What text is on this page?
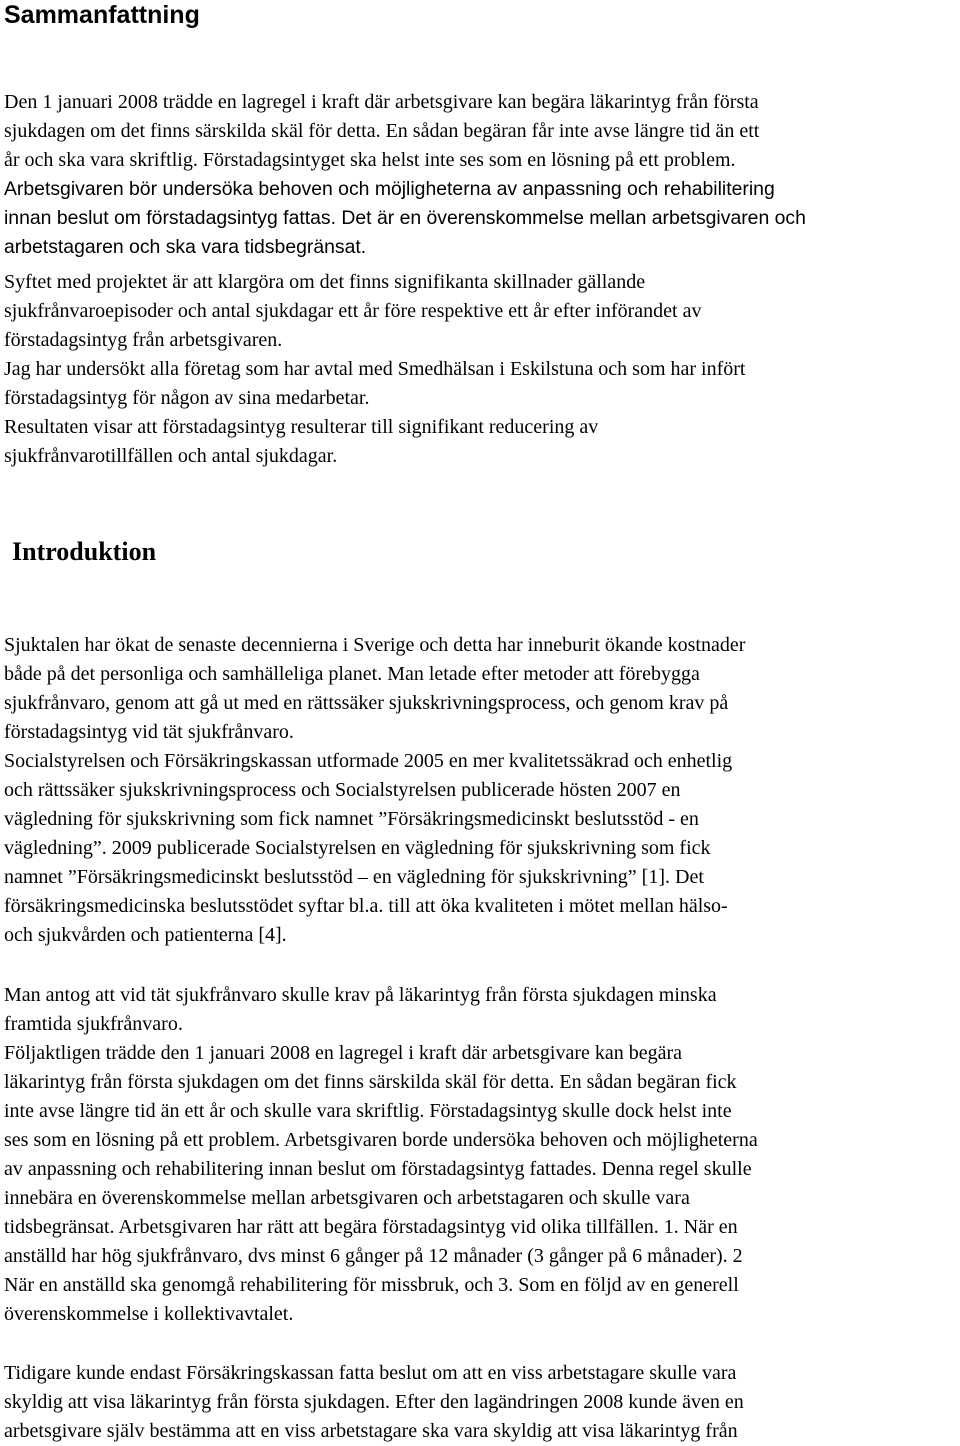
Sammanfattning

Den 1 januari 2008 trädde en lagregel i kraft där arbetsgivare kan begära läkarintyg från första
sjukdagen om det finns särskilda skäl för detta. En sådan begäran får inte avse längre tid än ett
år och ska vara skriftlig. Förstadagsintyget ska helst inte ses som en lösning på ett problem.
Arbetsgivaren bör undersöka behoven och möjligheterna av anpassning och rehabilitering
innan beslut om förstadagsintyg fattas. Det är en överenskommelse mellan arbetsgivaren och
arbetstagaren och ska vara tidsbegränsat.

Syftet med projektet är att klargöra om det finns signifikanta skillnader gällande
sjukfrånvaroepisoder och antal sjukdagar ett år före respektive ett år efter införandet av
förstadagsintyg från arbetsgivaren.

Jag har undersökt alla företag som har avtal med Smedhälsan i Eskilstuna och som har infört
förstadagsintyg för någon av sina medarbetar.

Resultaten visar att förstadagsintyg resulterar till signifikant reducering av
sjukfrånvarotillfällen och antal sjukdagar.

Introduktion

Sjuktalen har ökat de senaste decennierna i Sverige och detta har inneburit ökande kostnader
både på det personliga och samhälleliga planet. Man letade efter metoder att förebygga
sjukfrånvaro, genom att gå ut med en rättssäker sjukskrivningsprocess, och genom krav på
förstadagsintyg vid tät sjukfrånvaro.

Socialstyrelsen och Försäkringskassan utformade 2005 en mer kvalitetssäkrad och enhetlig
och rättssäker sjukskrivningsprocess och Socialstyrelsen publicerade hösten 2007 en
vägledning för sjukskrivning som fick namnet ”Försäkringsmedicinskt beslutsstöd - en
vägledning”. 2009 publicerade Socialstyrelsen en vägledning för sjukskrivning som fick
namnet ”Försäkringsmedicinskt beslutsstöd – en vägledning för sjukskrivning” [1]. Det
försäkringsmedicinska beslutsstödet syftar bl.a. till att öka kvaliteten i mötet mellan hälso-
och sjukvården och patienterna [4].

Man antog att vid tät sjukfrånvaro skulle krav på läkarintyg från första sjukdagen minska
framtida sjukfrånvaro.

Följaktligen trädde den 1 januari 2008 en lagregel i kraft där arbetsgivare kan begära
läkarintyg från första sjukdagen om det finns särskilda skäl för detta. En sådan begäran fick
inte avse längre tid än ett år och skulle vara skriftlig. Förstadagsintyg skulle dock helst inte
ses som en lösning på ett problem. Arbetsgivaren borde undersöka behoven och möjligheterna
av anpassning och rehabilitering innan beslut om förstadagsintyg fattades. Denna regel skulle
innebära en överenskommelse mellan arbetsgivaren och arbetstagaren och skulle vara
tidsbegränsat. Arbetsgivaren har rätt att begära förstadagsintyg vid olika tillfällen. 1. När en
anställd har hög sjukfrånvaro, dvs minst 6 gånger på 12 månader (3 gånger på 6 månader). 2
När en anställd ska genomgå rehabilitering för missbruk, och 3. Som en följd av en generell
överenskommelse i kollektivavtalet.

Tidigare kunde endast Försäkringskassan fatta beslut om att en viss arbetstagare skulle vara
skyldig att visa läkarintyg från första sjukdagen. Efter den lagändringen 2008 kunde även en
arbetsgivare själv bestämma att en viss arbetstagare ska vara skyldig att visa läkarintyg från
